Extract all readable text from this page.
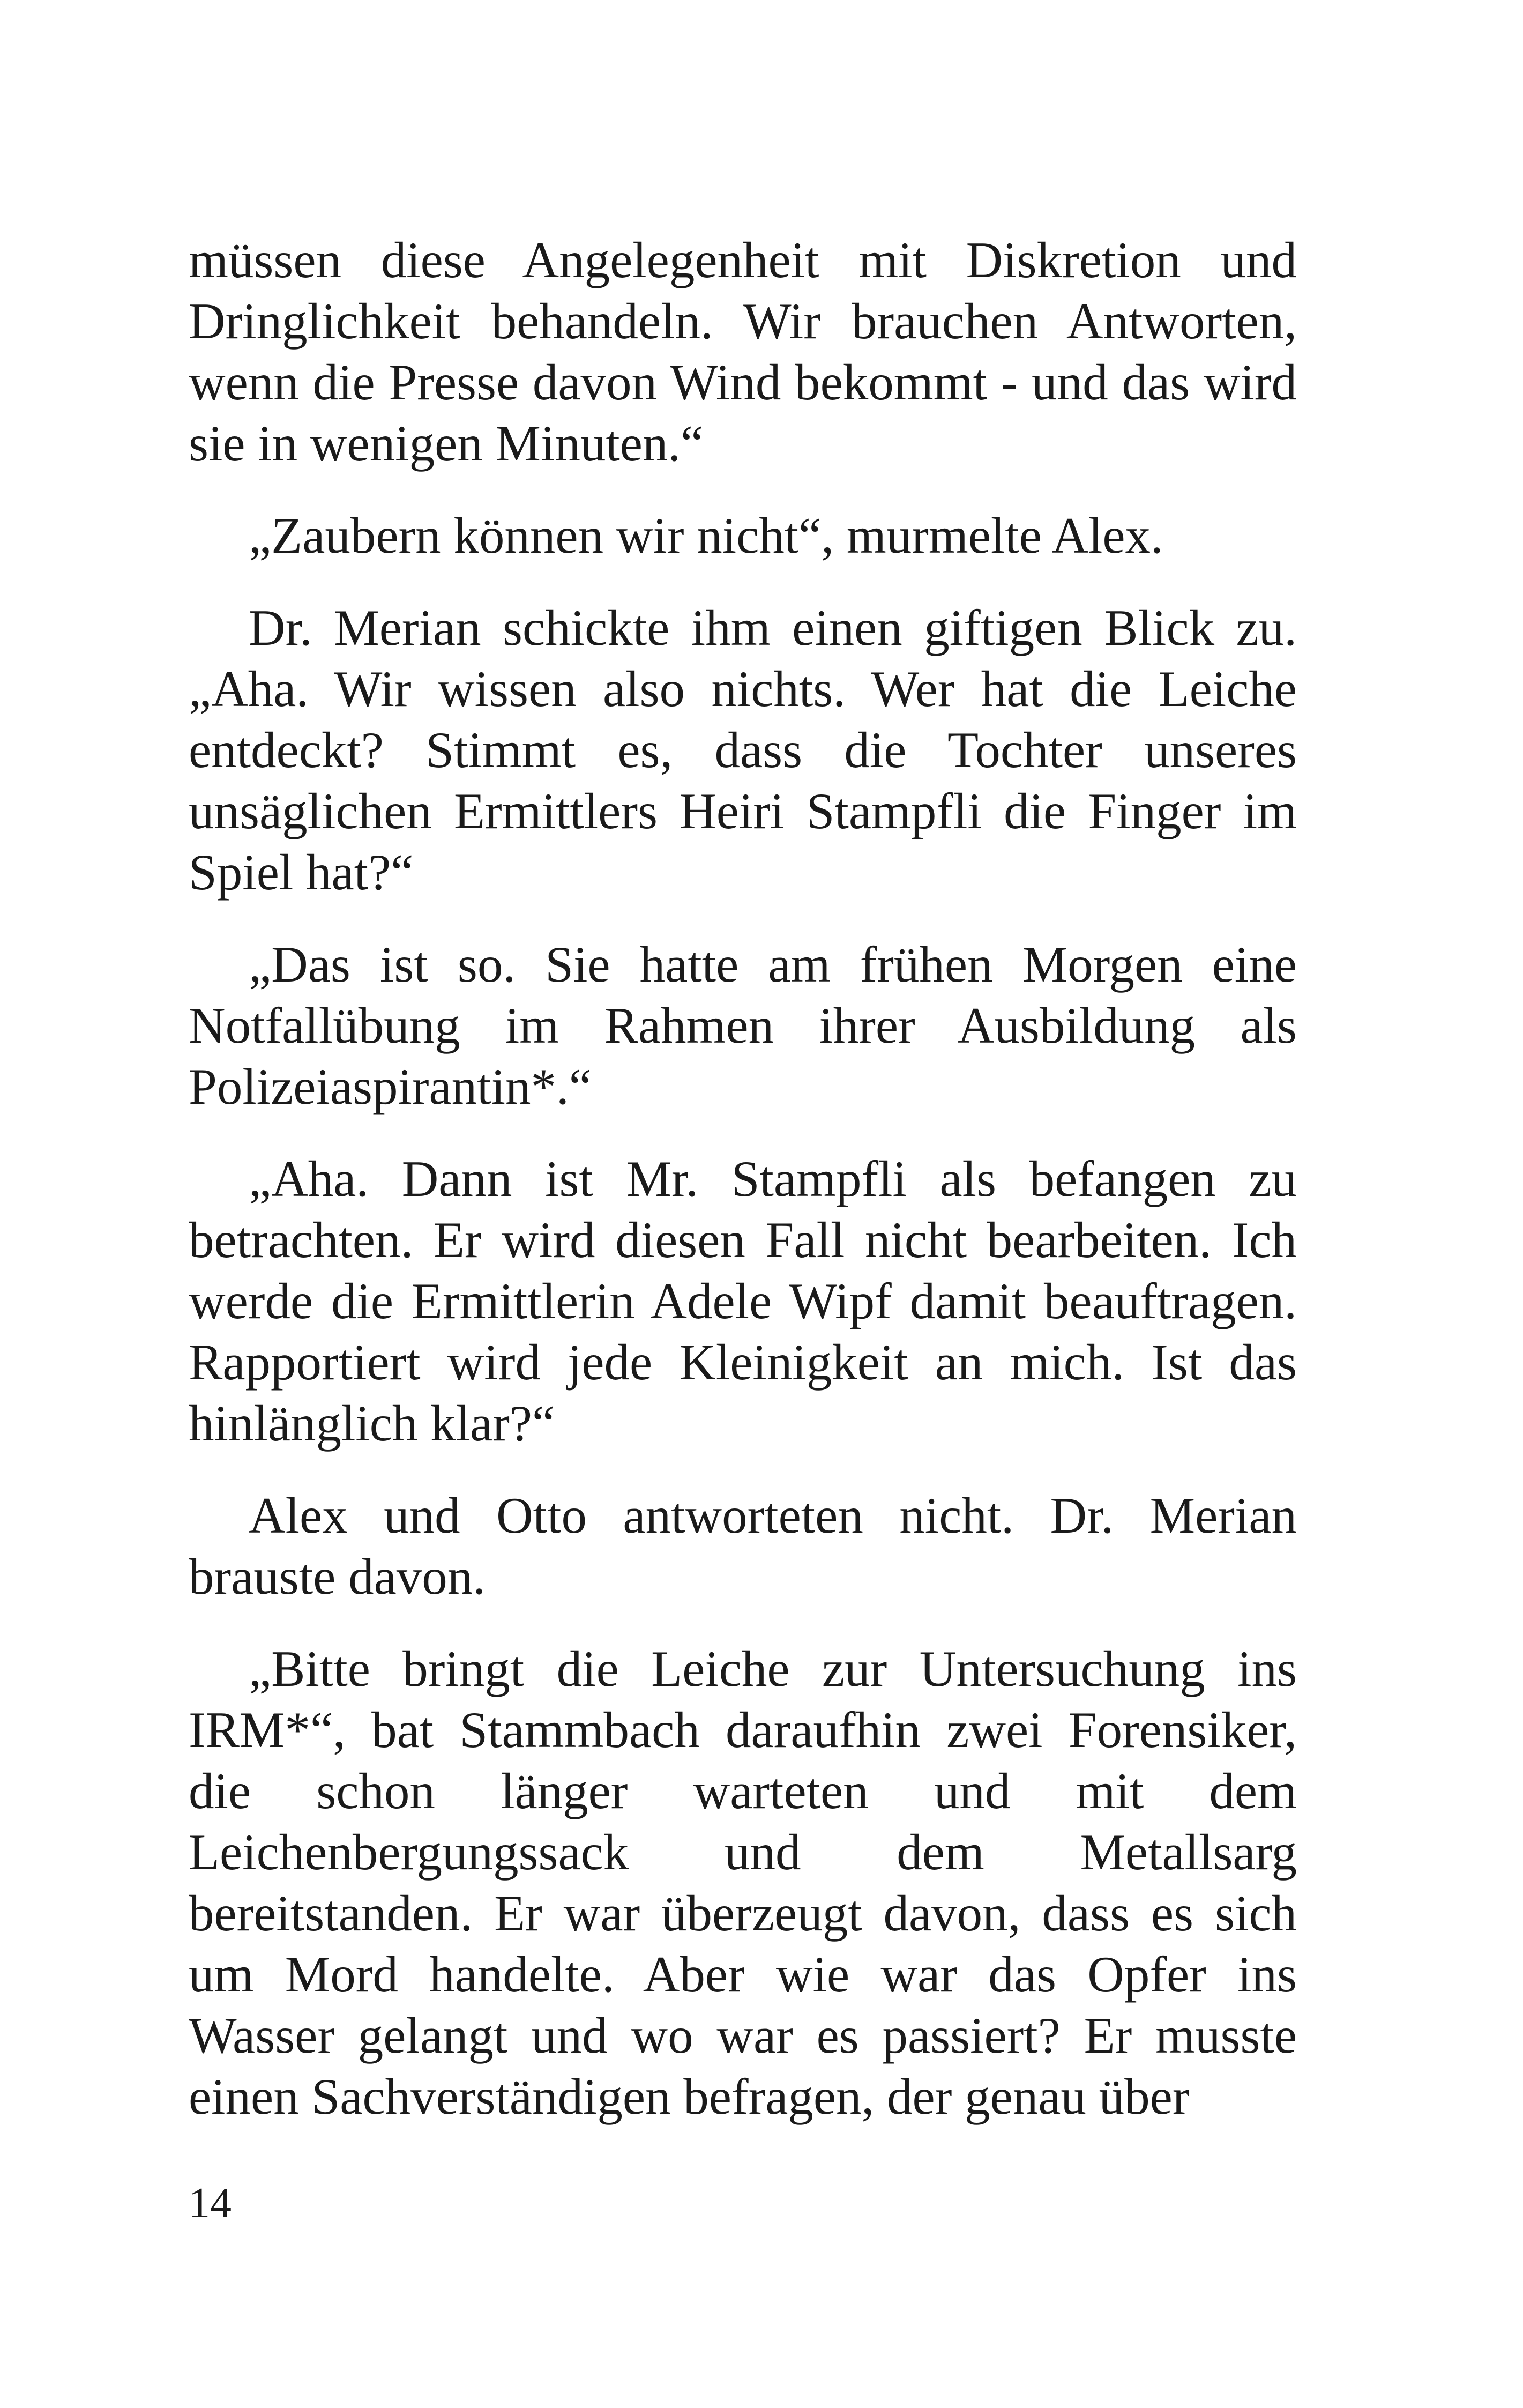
müssen diese Angelegenheit mit Diskretion und Dringlichkeit behandeln. Wir brauchen Antworten, wenn die Presse davon Wind bekommt - und das wird sie in wenigen Minuten.“

„Zaubern können wir nicht“, murmelte Alex.

Dr. Merian schickte ihm einen giftigen Blick zu. „Aha. Wir wissen also nichts. Wer hat die Leiche entdeckt? Stimmt es, dass die Tochter unseres unsäglichen Ermittlers Heiri Stampfli die Finger im Spiel hat?“

„Das ist so. Sie hatte am frühen Morgen eine Notfallübung im Rahmen ihrer Ausbildung als Polizeiaspirantin*.“

„Aha. Dann ist Mr. Stampfli als befangen zu betrachten. Er wird diesen Fall nicht bearbeiten. Ich werde die Ermittlerin Adele Wipf damit beauftragen. Rapportiert wird jede Kleinigkeit an mich. Ist das hinlänglich klar?“

Alex und Otto antworteten nicht. Dr. Merian brauste davon.

„Bitte bringt die Leiche zur Untersuchung ins IRM*“, bat Stammbach daraufhin zwei Forensiker, die schon länger warteten und mit dem Leichenbergungssack und dem Metallsarg bereitstanden. Er war überzeugt davon, dass es sich um Mord handelte. Aber wie war das Opfer ins Wasser gelangt und wo war es passiert? Er musste einen Sachverständigen befragen, der genau über

14
